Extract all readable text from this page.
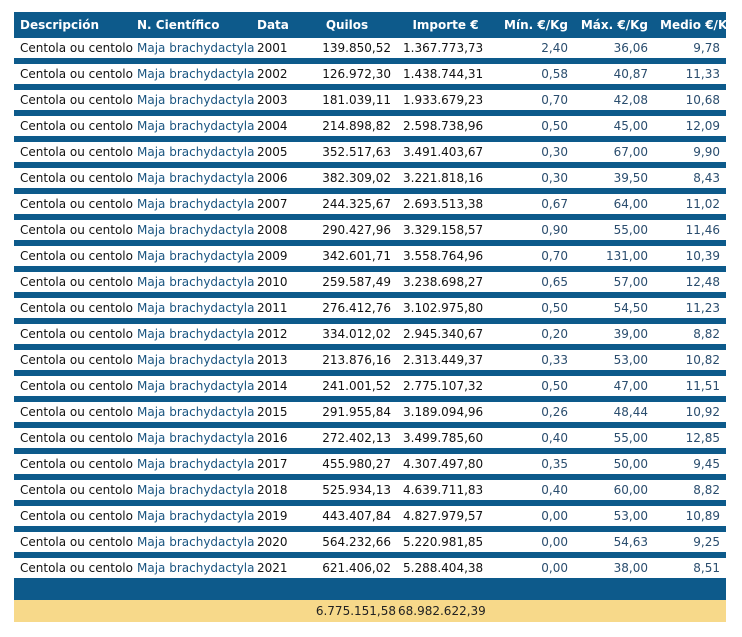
Descripción	N. Científico	Data	Quilos	Importe €	Mín. €/Kg	Máx. €/Kg	Medio €/Kg
Centola ou centolo	Maja brachydactyla	2001	139.850,52	1.367.773,73	2,40	36,06	9,78
Centola ou centolo	Maja brachydactyla	2002	126.972,30	1.438.744,31	0,58	40,87	11,33
Centola ou centolo	Maja brachydactyla	2003	181.039,11	1.933.679,23	0,70	42,08	10,68
Centola ou centolo	Maja brachydactyla	2004	214.898,82	2.598.738,96	0,50	45,00	12,09
Centola ou centolo	Maja brachydactyla	2005	352.517,63	3.491.403,67	0,30	67,00	9,90
Centola ou centolo	Maja brachydactyla	2006	382.309,02	3.221.818,16	0,30	39,50	8,43
Centola ou centolo	Maja brachydactyla	2007	244.325,67	2.693.513,38	0,67	64,00	11,02
Centola ou centolo	Maja brachydactyla	2008	290.427,96	3.329.158,57	0,90	55,00	11,46
Centola ou centolo	Maja brachydactyla	2009	342.601,71	3.558.764,96	0,70	131,00	10,39
Centola ou centolo	Maja brachydactyla	2010	259.587,49	3.238.698,27	0,65	57,00	12,48
Centola ou centolo	Maja brachydactyla	2011	276.412,76	3.102.975,80	0,50	54,50	11,23
Centola ou centolo	Maja brachydactyla	2012	334.012,02	2.945.340,67	0,20	39,00	8,82
Centola ou centolo	Maja brachydactyla	2013	213.876,16	2.313.449,37	0,33	53,00	10,82
Centola ou centolo	Maja brachydactyla	2014	241.001,52	2.775.107,32	0,50	47,00	11,51
Centola ou centolo	Maja brachydactyla	2015	291.955,84	3.189.094,96	0,26	48,44	10,92
Centola ou centolo	Maja brachydactyla	2016	272.402,13	3.499.785,60	0,40	55,00	12,85
Centola ou centolo	Maja brachydactyla	2017	455.980,27	4.307.497,80	0,35	50,00	9,45
Centola ou centolo	Maja brachydactyla	2018	525.934,13	4.639.711,83	0,40	60,00	8,82
Centola ou centolo	Maja brachydactyla	2019	443.407,84	4.827.979,57	0,00	53,00	10,89
Centola ou centolo	Maja brachydactyla	2020	564.232,66	5.220.981,85	0,00	54,63	9,25
Centola ou centolo	Maja brachydactyla	2021	621.406,02	5.288.404,38	0,00	38,00	8,51

			6.775.151,58	68.982.622,39			
